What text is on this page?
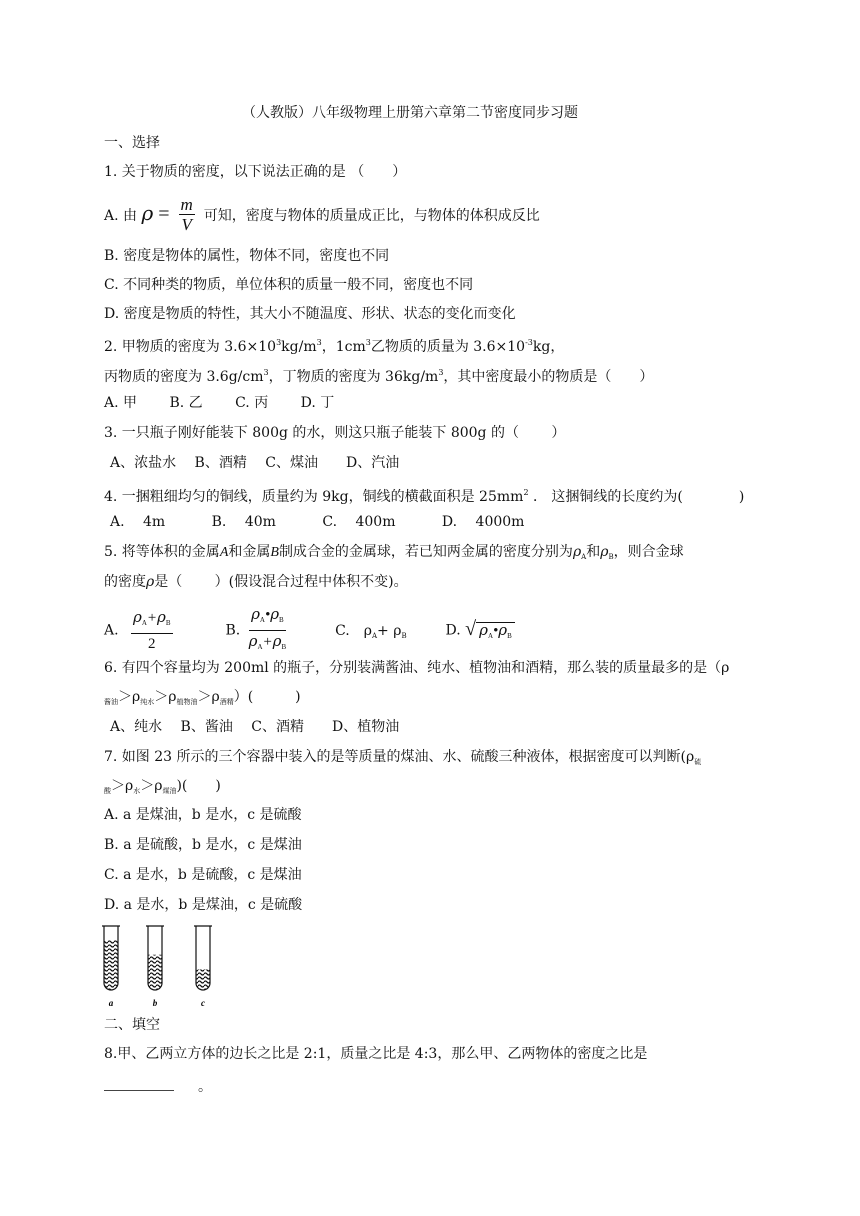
（人教版）八年级物理上册第六章第二节密度同步习题
一、选择
1. 关于物质的密度，以下说法正确的是 （　　）
A. 由 $\rho = \frac{m}{V}$ 可知，密度与物体的质量成正比，与物体的体积成反比
B. 密度是物体的属性，物体不同，密度也不同
C. 不同种类的物质，单位体积的质量一般不同，密度也不同
D. 密度是物质的特性，其大小不随温度、形状、状态的变化而变化
2. 甲物质的密度为 $3.6\times 10^3kg/m^3$，$1cm^3$乙物质的质量为 $3.6\times 10^{-3}kg$，
丙物质的密度为 $3.6g/cm^3$，丁物质的密度为 $36kg/m^3$，其中密度最小的物质是（　　）
A. 甲　　 B. 乙　　 C. 丙　　 D. 丁
3. 一只瓶子刚好能装下 800g 的水，则这只瓶子能装下 800g 的（　　 ）
A、浓盐水　 B、酒精　 C、煤油　　D、汽油
4. 一捆粗细均匀的铜线，质量约为 9kg，铜线的横截面积是 $25mm^2$ ． 这捆铜线的长度约为(　　　　)
A.　 4m　　　 B.　 40m　　　 C.　 400m　　　 D.　 4000m
5. 将等体积的金属A和金属B制成合金的金属球，若已知两金属的密度分别为$\rho_A$和$\rho_B$，则合金球
的密度ρ是（　　 ）(假设混合过程中体积不变)。
A. $\frac{\rho_A+\rho_B}{2}$	B. $\frac{\rho_A•\rho_B}{\rho_A+\rho_B}$	C.　$\rho_A+ \rho_B$	D. √ $\rho_A•\rho_B$
6. 有四个容量均为 200ml 的瓶子，分别装满酱油、纯水、植物油和酒精，那么装的质量最多的是（ρ
$_{酱油}>\rho_{纯水}>\rho_{植物油}>\rho_{酒精}$）(　　　)
A、纯水　 B、酱油　 C、酒精　　D、植物油
7. 如图 23 所示的三个容器中装入的是等质量的煤油、水、硫酸三种液体，根据密度可以判断($\rho_硫$
$_酸>\rho_水>\rho_{煤油}$)(　　)
A. a 是煤油，b 是水，c 是硫酸
B. a 是硫酸，b 是水，c 是煤油
C. a 是水，b 是硫酸，c 是煤油
D. a 是水，b 是煤油，c 是硫酸
a	b	c
二、填空
8.甲、乙两立方体的边长之比是 2:1，质量之比是 4:3，那么甲、乙两物体的密度之比是
。
